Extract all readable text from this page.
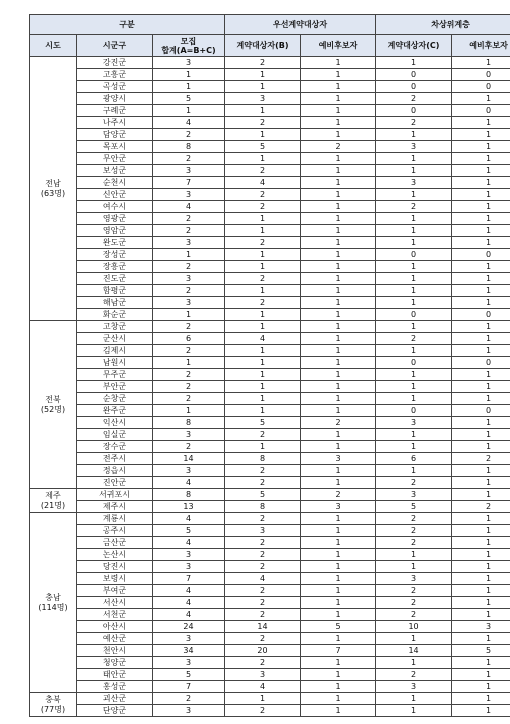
구분			우선계약대상자		차상위계층	
시도	시군구	모집
합계(A=B+C)	계약대상자(B)	예비후보자	계약대상자(C)	예비후보자
전남
(63명)	강진군	3	2	1	1	1
	고흥군	1	1	1	0	0
	곡성군	1	1	1	0	0
	광양시	5	3	1	2	1
	구례군	1	1	1	0	0
	나주시	4	2	1	2	1
	담양군	2	1	1	1	1
	목포시	8	5	2	3	1
	무안군	2	1	1	1	1
	보성군	3	2	1	1	1
	순천시	7	4	1	3	1
	신안군	3	2	1	1	1
	여수시	4	2	1	2	1
	영광군	2	1	1	1	1
	영암군	2	1	1	1	1
	완도군	3	2	1	1	1
	장성군	1	1	1	0	0
	장흥군	2	1	1	1	1
	진도군	3	2	1	1	1
	함평군	2	1	1	1	1
	해남군	3	2	1	1	1
	화순군	1	1	1	0	0
전북
(52명)	고창군	2	1	1	1	1
	군산시	6	4	1	2	1
	김제시	2	1	1	1	1
	남원시	1	1	1	0	0
	무주군	2	1	1	1	1
	부안군	2	1	1	1	1
	순창군	2	1	1	1	1
	완주군	1	1	1	0	0
	익산시	8	5	2	3	1
	임실군	3	2	1	1	1
	장수군	2	1	1	1	1
	전주시	14	8	3	6	2
	정읍시	3	2	1	1	1
	진안군	4	2	1	2	1
제주
(21명)	서귀포시	8	5	2	3	1
	제주시	13	8	3	5	2
충남
(114명)	계룡시	4	2	1	2	1
	공주시	5	3	1	2	1
	금산군	4	2	1	2	1
	논산시	3	2	1	1	1
	당진시	3	2	1	1	1
	보령시	7	4	1	3	1
	부여군	4	2	1	2	1
	서산시	4	2	1	2	1
	서천군	4	2	1	2	1
	아산시	24	14	5	10	3
	예산군	3	2	1	1	1
	천안시	34	20	7	14	5
	청양군	3	2	1	1	1
	태안군	5	3	1	2	1
	홍성군	7	4	1	3	1
충북
(77명)	괴산군	2	1	1	1	1
	단양군	3	2	1	1	1
